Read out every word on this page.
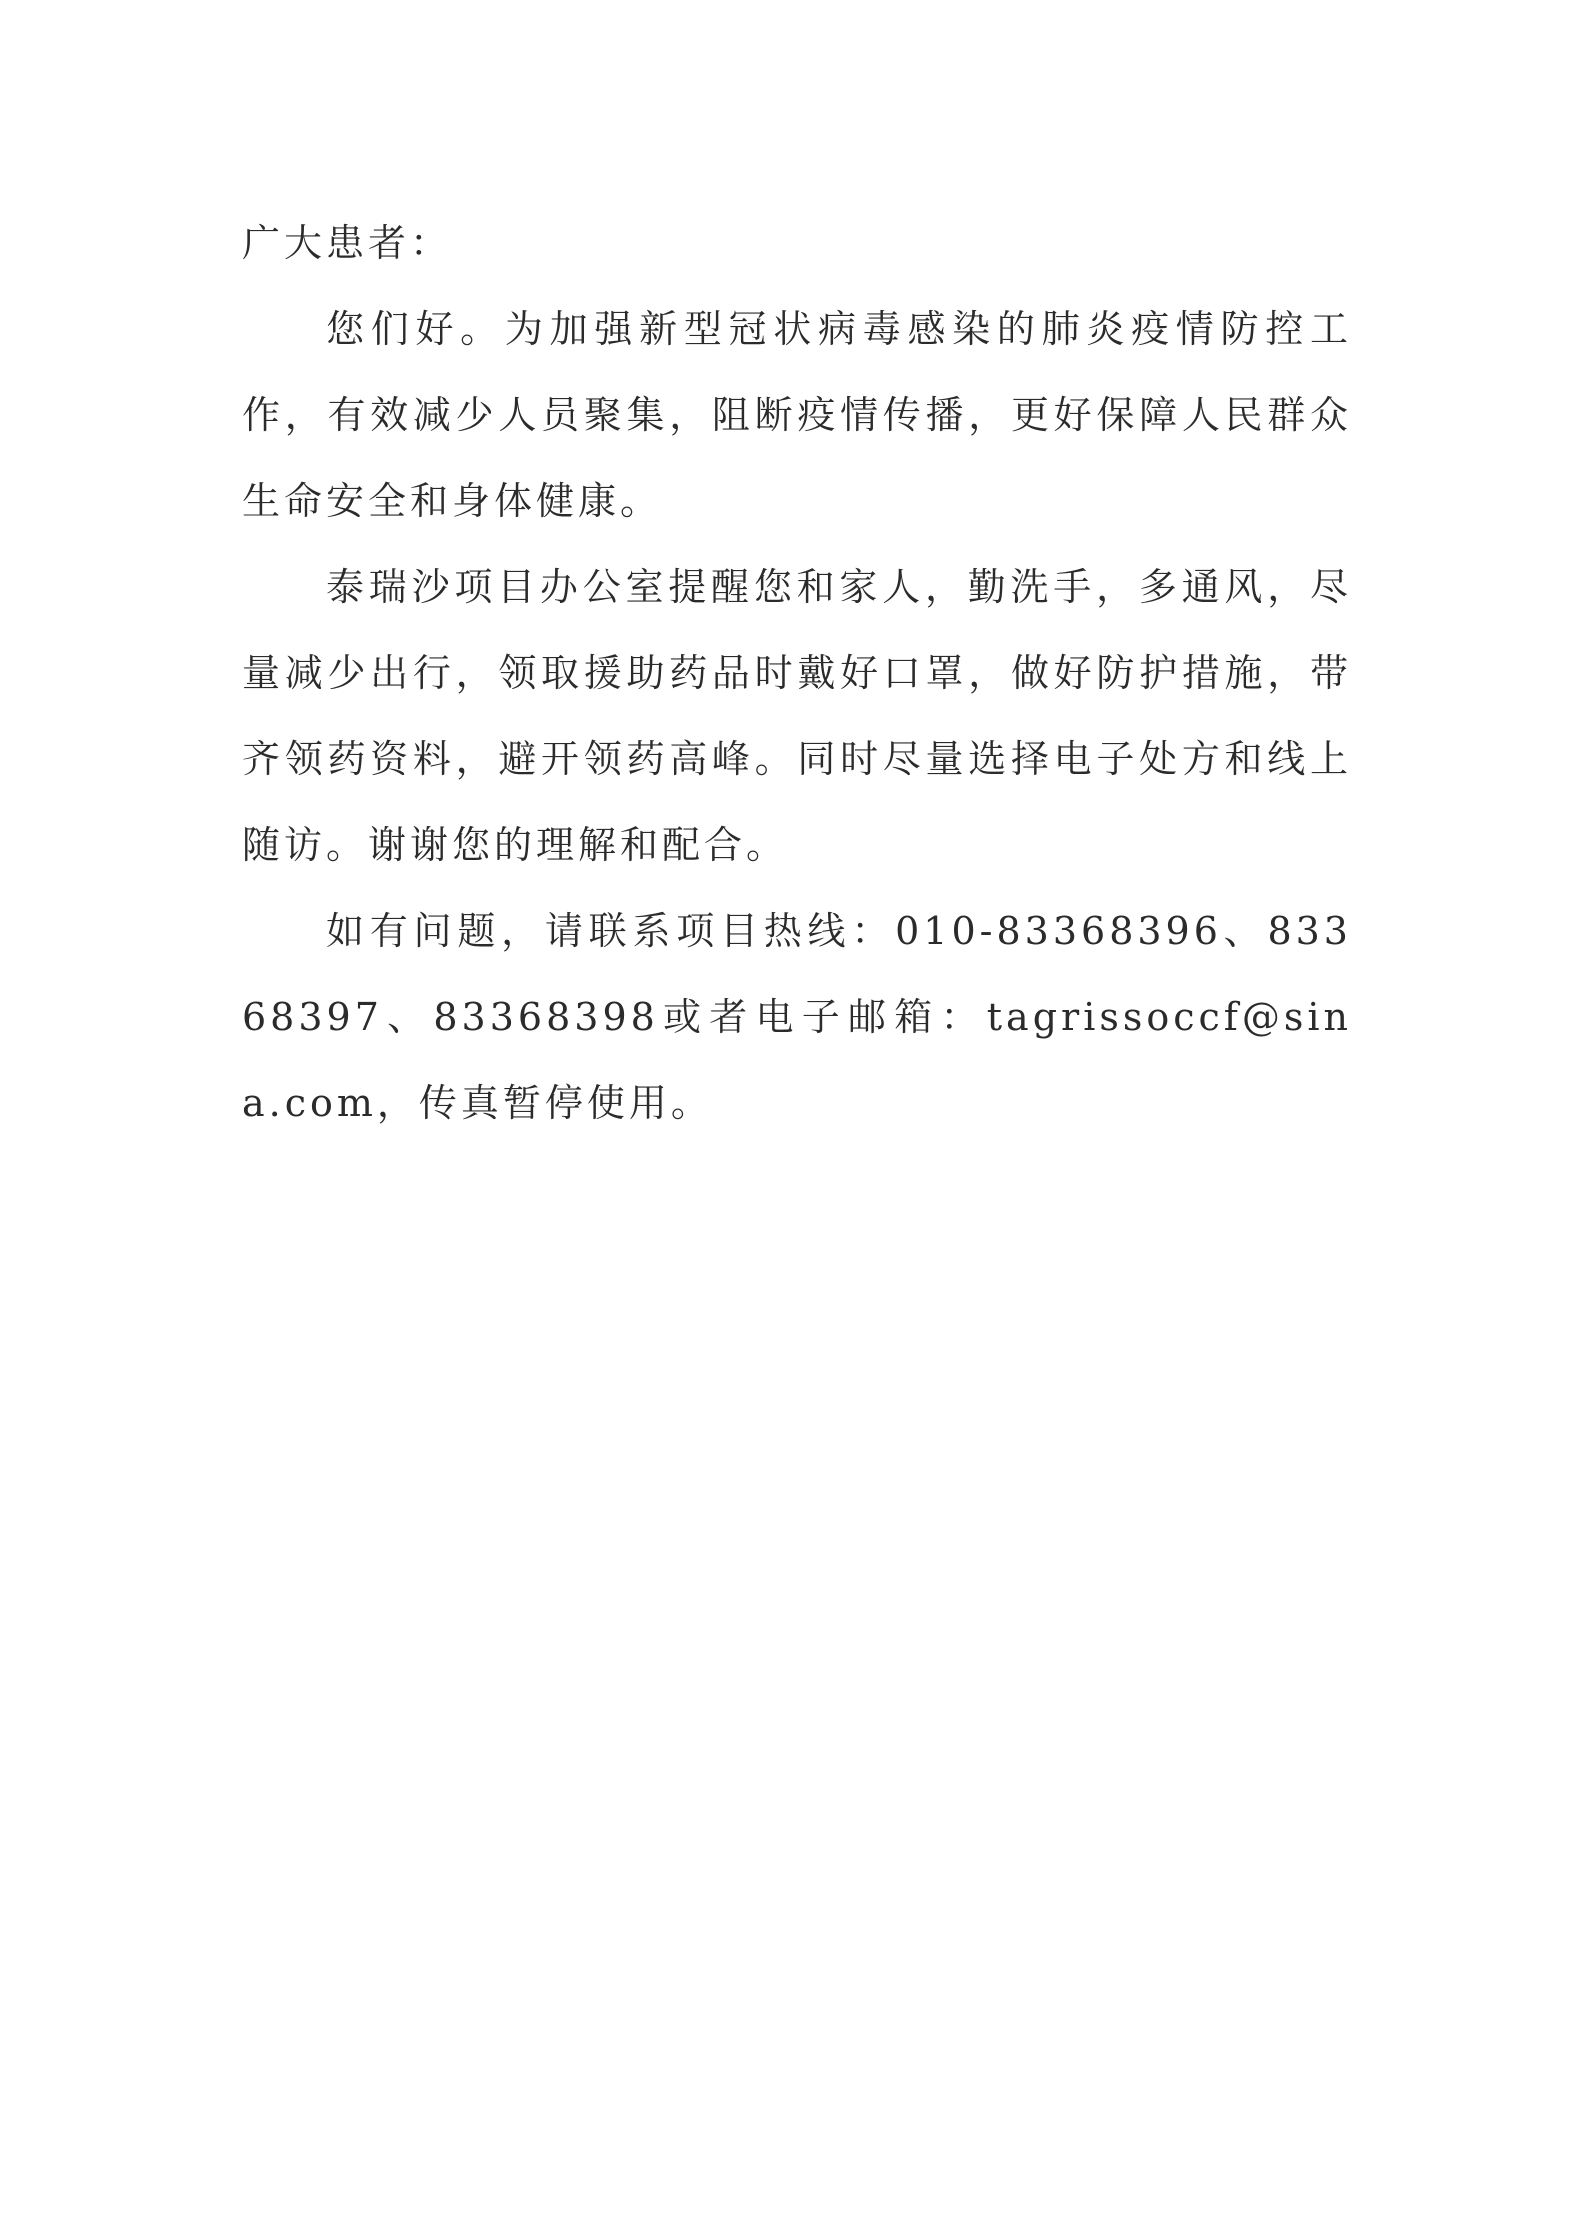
广大患者：

您们好。为加强新型冠状病毒感染的肺炎疫情防控工作，有效减少人员聚集，阻断疫情传播，更好保障人民群众生命安全和身体健康。

泰瑞沙项目办公室提醒您和家人，勤洗手，多通风，尽量减少出行，领取援助药品时戴好口罩，做好防护措施，带齐领药资料，避开领药高峰。同时尽量选择电子处方和线上随访。谢谢您的理解和配合。

如有问题，请联系项目热线：010-83368396、83368397、83368398或者电子邮箱：tagrissoccf@sina.com，传真暂停使用。
